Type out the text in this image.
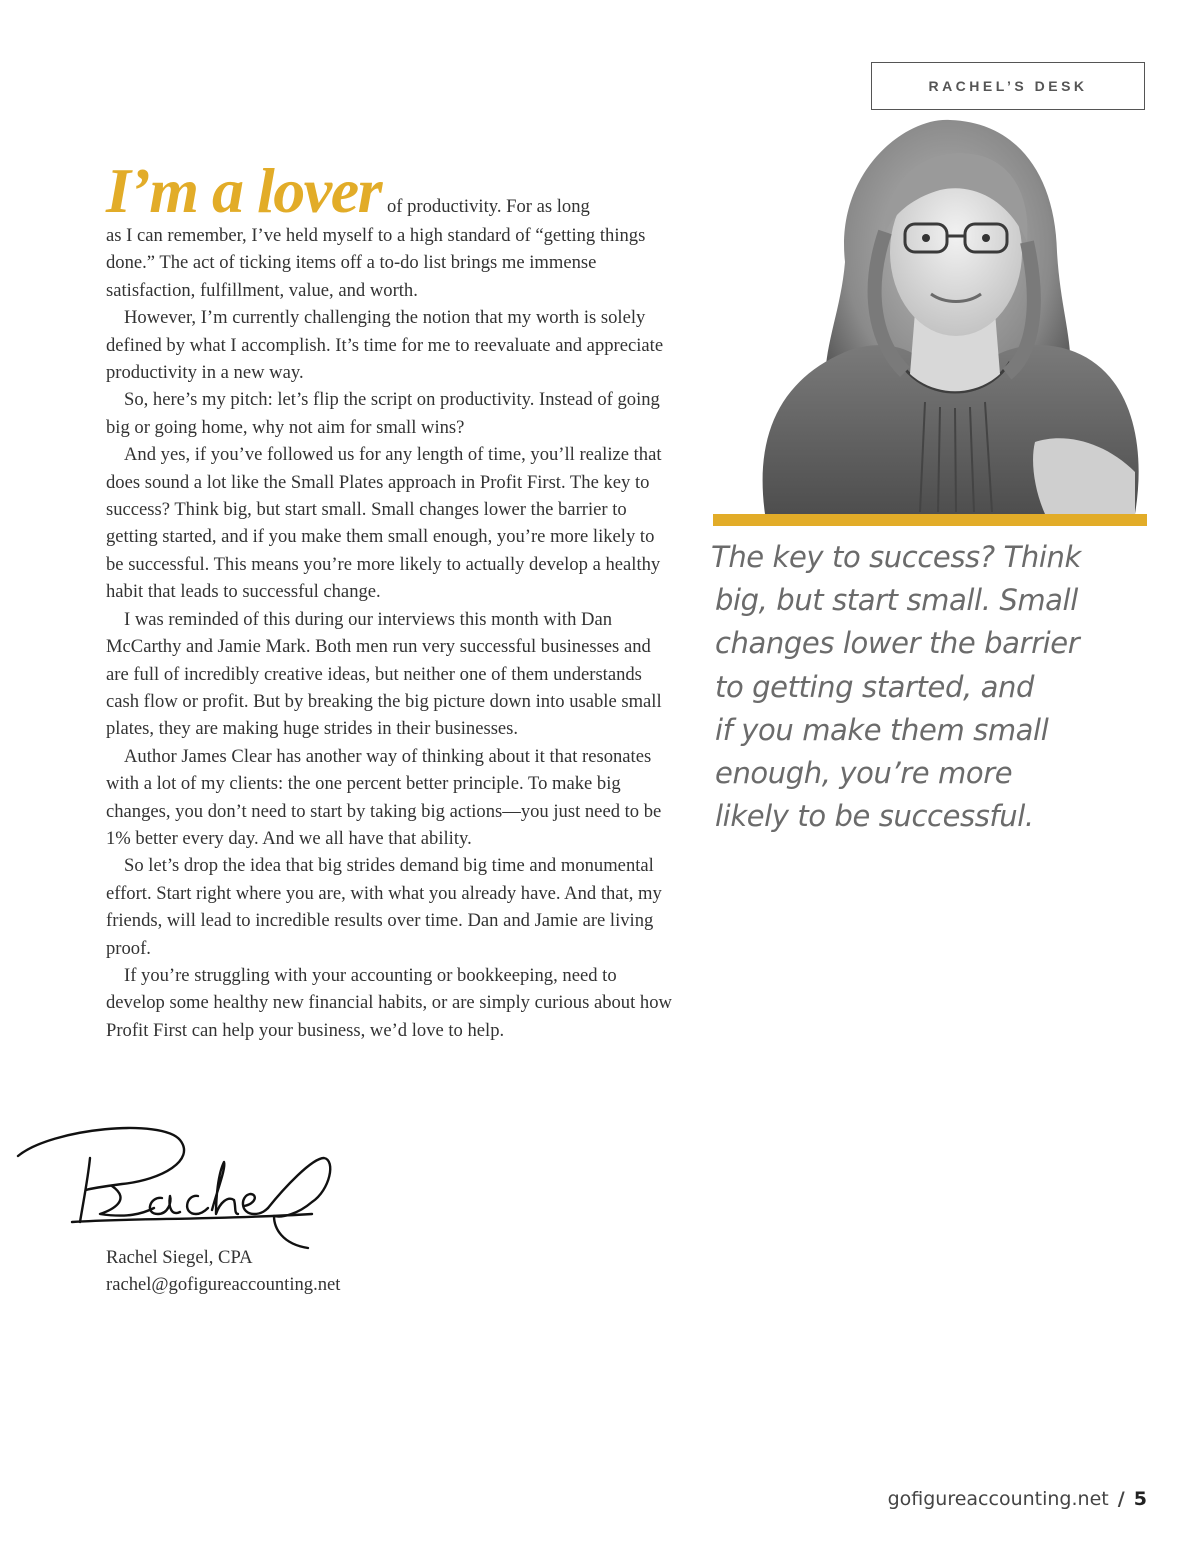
RACHEL’S DESK

I’m a lover of productivity. For as long
as I can remember, I’ve held myself to a high standard of “getting things done.” The act of ticking items off a to-do list brings me immense satisfaction, fulfillment, value, and worth.

However, I’m currently challenging the notion that my worth is solely defined by what I accomplish. It’s time for me to reevaluate and appreciate productivity in a new way.

So, here’s my pitch: let’s flip the script on productivity. Instead of going big or going home, why not aim for small wins?

And yes, if you’ve followed us for any length of time, you’ll realize that does sound a lot like the Small Plates approach in Profit First. The key to success? Think big, but start small. Small changes lower the barrier to getting started, and if you make them small enough, you’re more likely to be successful. This means you’re more likely to actually develop a healthy habit that leads to successful change.

I was reminded of this during our interviews this month with Dan McCarthy and Jamie Mark. Both men run very successful businesses and are full of incredibly creative ideas, but neither one of them understands cash flow or profit. But by breaking the big picture down into usable small plates, they are making huge strides in their businesses.

Author James Clear has another way of thinking about it that resonates with a lot of my clients: the one percent better principle. To make big changes, you don’t need to start by taking big actions—you just need to be 1% better every day. And we all have that ability.

So let’s drop the idea that big strides demand big time and monumental effort. Start right where you are, with what you already have. And that, my friends, will lead to incredible results over time. Dan and Jamie are living proof.

If you’re struggling with your accounting or bookkeeping, need to develop some healthy new financial habits, or are simply curious about how Profit First can help your business, we’d love to help.

The key to success? Think
big, but start small. Small
changes lower the barrier
to getting started, and
if you make them small
enough, you’re more
likely to be successful.
Rachel Siegel, CPA
rachel@gofigureaccounting.net
gofigureaccounting.net / 5
